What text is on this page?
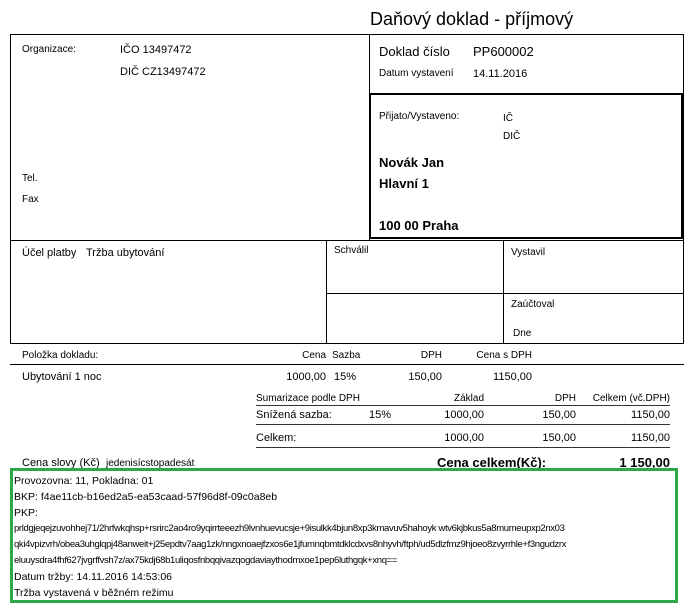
Daňový doklad - příjmový
Organizace:	IČO 13497472
DIČ CZ13497472
Tel.
Fax
Doklad číslo PP600002
Datum vystavení 14.11.2016
Přijato/Vystaveno:	IČ
DIČ
Novák Jan
Hlavní 1
100 00 Praha
Účel platby Tržba ubytování	Schválil	Vystavil
Zaúčtoval
Dne
Položka dokladu:	Cena Sazba	DPH	Cena s DPH
Ubytování 1 noc	1000,00 15%	150,00	1150,00
Sumarizace podle DPH	Základ	DPH	Celkem (vč.DPH)
Snížená sazba:	15%	1000,00	150,00	1150,00
Celkem:	1000,00	150,00	1150,00
Cena slovy (Kč) jedenisícstopadesát	Cena celkem(Kč):	1 150,00
Provozovna: 11, Pokladna: 01
BKP: f4ae11cb-b16ed2a5-ea53caad-57f96d8f-09c0a8eb
PKP:
prldgjeqejzuvohhej71/2hrfwkqhsp+rsrirc2ao4ro9yqirrteeezh9lvnhuevucsje+9isulkk4bjun8xp3kmavuv5hahoyk wtv6kjbkus5a8mumeupxp2nx03
qki4vpizvrh/obea3uhglqpj48anweit+j25epdtv7aag1zk/nngxnoaejfzxos6e1jfumnqbmtdklcdxvs8nhyvh/ftph/ud5dlzfmz9hjoeo8zvyrrhle+f3ngudzrx
eluuysdra4fhf627jvgrffvsh7z/ax75kdj68b1uliqosfnbqqivazqogdaviaythodmxoe1pep6luthgqk+xnq==
Datum tržby: 14.11.2016 14:53:06
Tržba vystavená v běžném režimu
